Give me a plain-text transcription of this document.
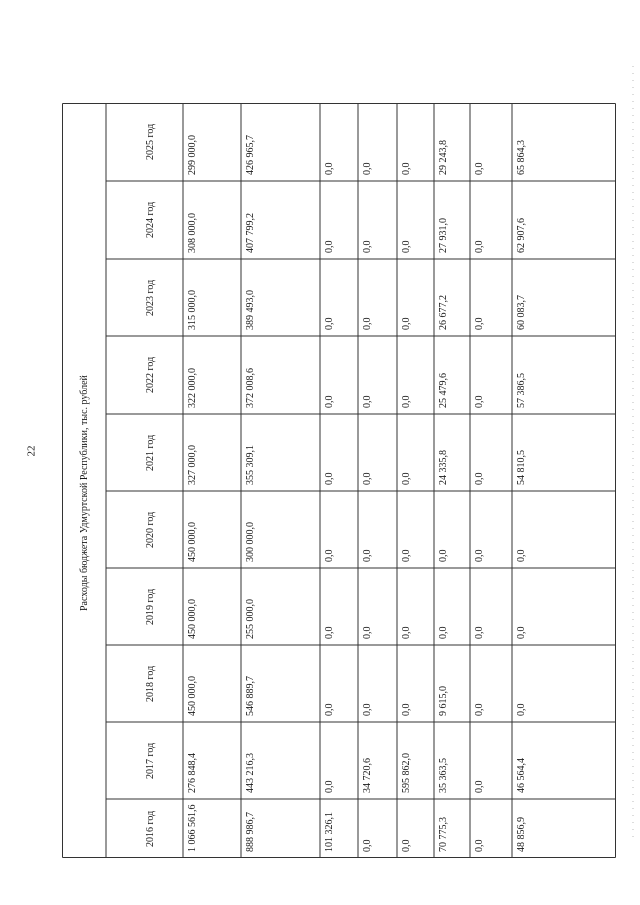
22	Расходы бюджета Удмуртской Республики, тыс. рублей
2016 год
2017 год
2018 год
2019 год
2020 год
2021 год
2022 год
2023 год
2024 год
2025 год
1 066 561,6
276 848,4
450 000,0
450 000,0
450 000,0
327 000,0
322 000,0
315 000,0
308 000,0
299 000,0
888 986,7
443 216,3
546 889,7
255 000,0
300 000,0
355 309,1
372 008,6
389 493,0
407 799,2
426 965,7
101 326,1
0,0
0,0
0,0
0,0
0,0
0,0
0,0
0,0
0,0
0,0
34 720,6
0,0
0,0
0,0
0,0
0,0
0,0
0,0
0,0
0,0
595 862,0
0,0
0,0
0,0
0,0
0,0
0,0
0,0
0,0
70 775,3
35 363,5
9 615,0
0,0
0,0
24 335,8
25 479,6
26 677,2
27 931,0
29 243,8
0,0
0,0
0,0
0,0
0,0
0,0
0,0
0,0
0,0
0,0
48 856,9
46 564,4
0,0
0,0
0,0
54 810,5
57 386,5
60 083,7
62 907,6
65 864,3
